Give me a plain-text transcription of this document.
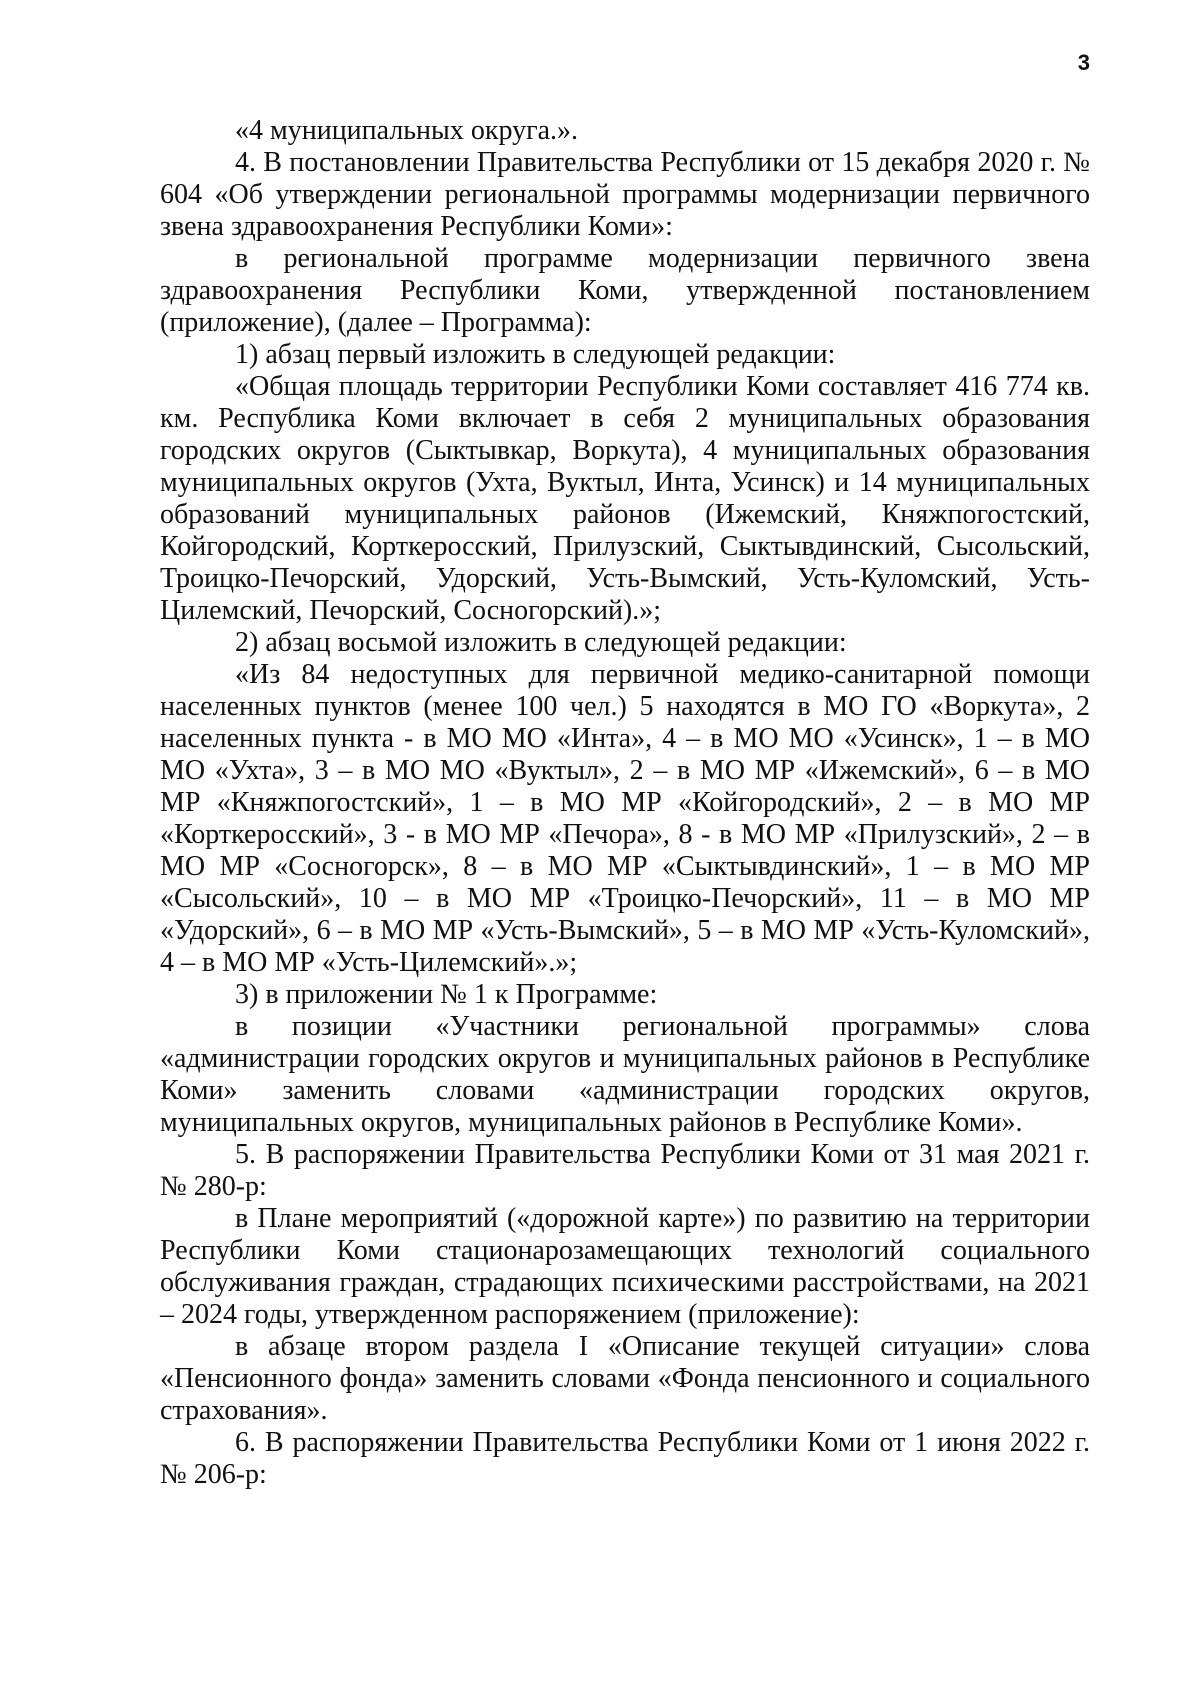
3

«4 муниципальных округа.».

4. В постановлении Правительства Республики от 15 декабря 2020 г. № 604 «Об утверждении региональной программы модернизации первичного звена здравоохранения Республики Коми»:

в региональной программе модернизации первичного звена здравоохранения Республики Коми, утвержденной постановлением (приложение), (далее – Программа):

1) абзац первый изложить в следующей редакции:

«Общая площадь территории Республики Коми составляет 416 774 кв. км. Республика Коми включает в себя 2 муниципальных образования городских округов (Сыктывкар, Воркута), 4 муниципальных образования муниципальных округов (Ухта, Вуктыл, Инта, Усинск) и 14 муниципальных образований муниципальных районов (Ижемский, Княжпогостский, Койгородский, Корткеросский, Прилузский, Сыктывдинский, Сысольский, Троицко-Печорский, Удорский, Усть-Вымский, Усть-Куломский, Усть-Цилемский, Печорский, Сосногорский).»;

2) абзац восьмой изложить в следующей редакции:

«Из 84 недоступных для первичной медико-санитарной помощи населенных пунктов (менее 100 чел.) 5 находятся в МО ГО «Воркута», 2 населенных пункта - в МО МО «Инта», 4 – в МО МО «Усинск», 1 – в МО МО «Ухта», 3 – в МО МО «Вуктыл», 2 – в МО МР «Ижемский», 6 – в МО МР «Княжпогостский», 1 – в МО МР «Койгородский», 2 – в МО МР «Корткеросский», 3 - в МО МР «Печора», 8 - в МО МР «Прилузский», 2 – в МО МР «Сосногорск», 8 – в МО МР «Сыктывдинский», 1 – в МО МР «Сысольский», 10 – в МО МР «Троицко-Печорский», 11 – в МО МР «Удорский», 6 – в МО МР «Усть-Вымский», 5 – в МО МР «Усть-Куломский», 4 – в МО МР «Усть-Цилемский».»;

3) в приложении № 1 к Программе:

в позиции «Участники региональной программы» слова «администрации городских округов и муниципальных районов в Республике Коми» заменить словами «администрации городских округов, муниципальных округов, муниципальных районов в Республике Коми».

5. В распоряжении Правительства Республики Коми от 31 мая 2021 г. № 280-р:

в Плане мероприятий («дорожной карте») по развитию на территории Республики Коми стационарозамещающих технологий социального обслуживания граждан, страдающих психическими расстройствами, на 2021 – 2024 годы, утвержденном распоряжением (приложение):

в абзаце втором раздела I «Описание текущей ситуации» слова «Пенсионного фонда» заменить словами «Фонда пенсионного и социального страхования».

6. В распоряжении Правительства Республики Коми от 1 июня 2022 г. № 206-р:
